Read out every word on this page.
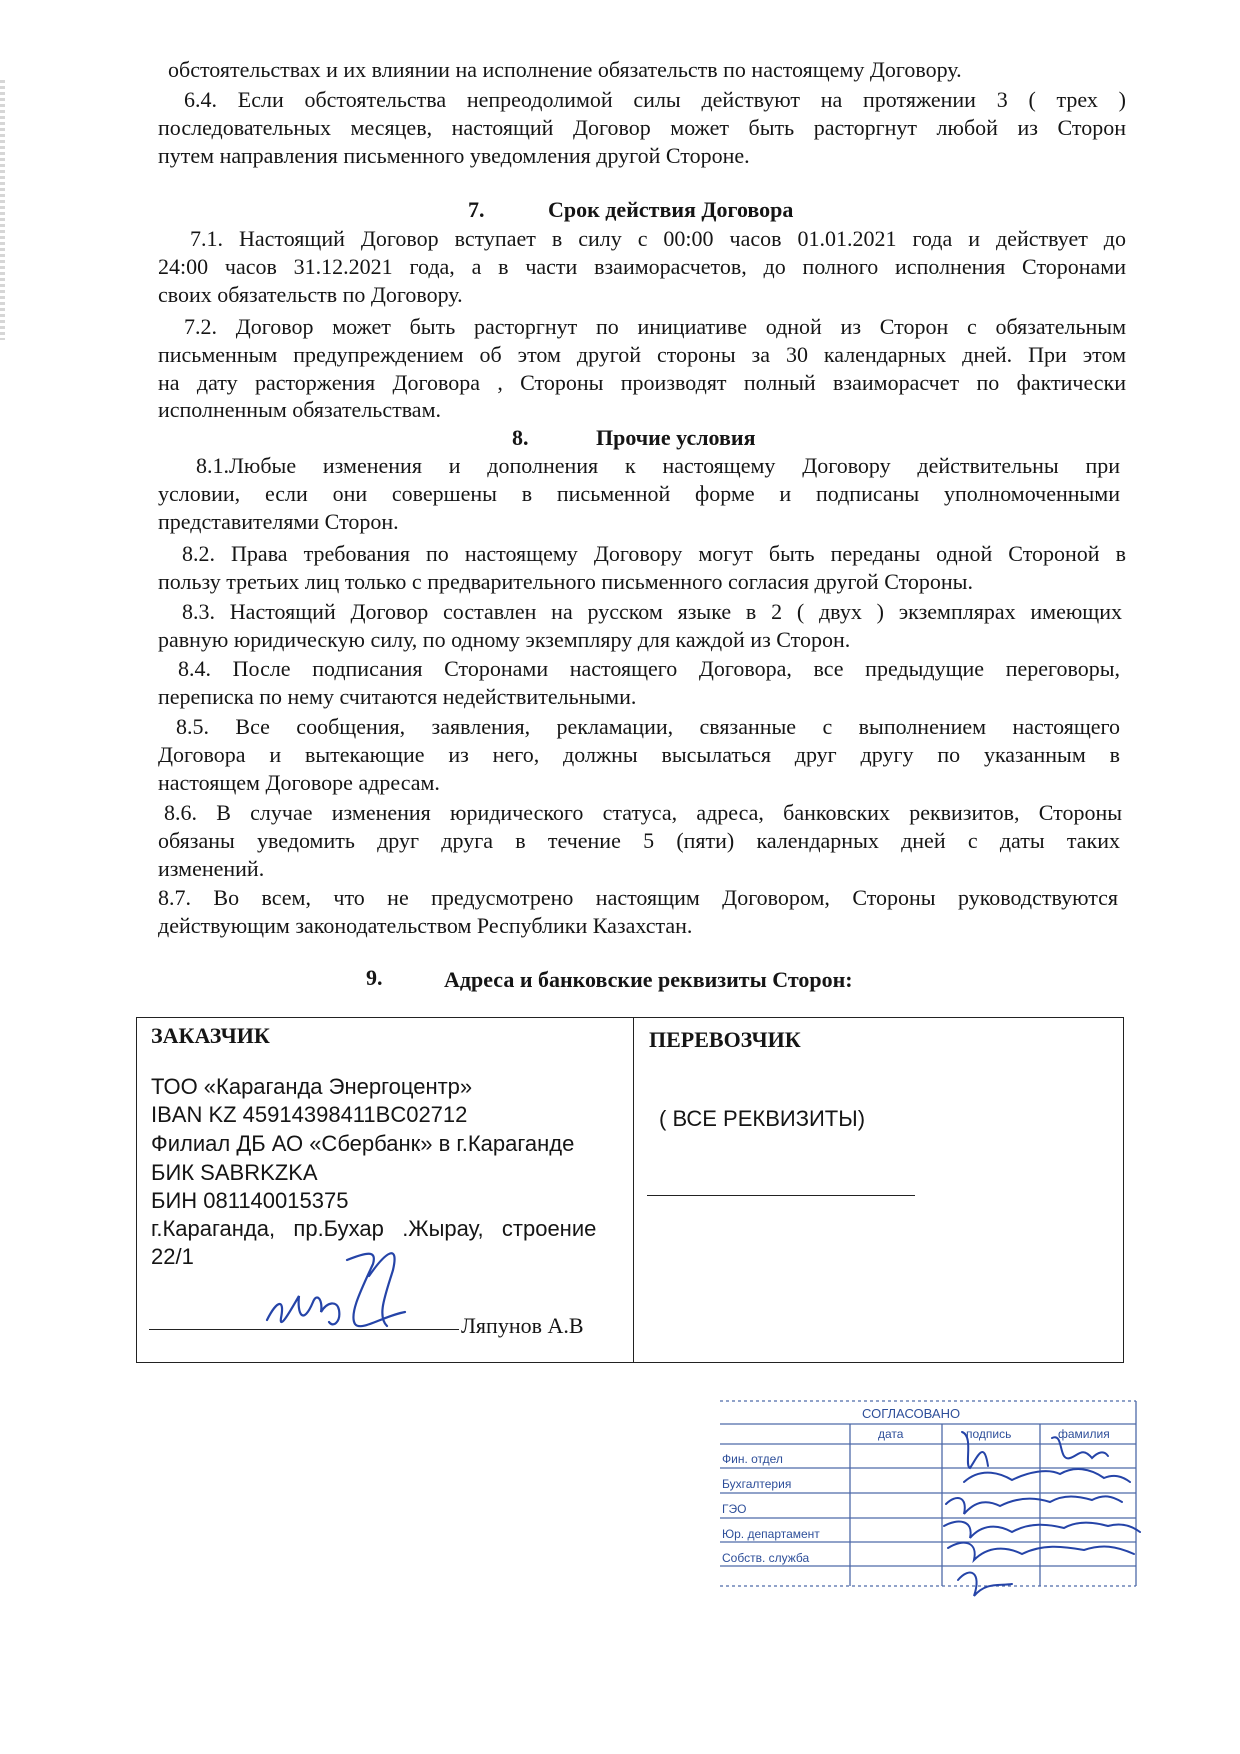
обстоятельствах и их влиянии на исполнение обязательств по настоящему Договору.
6.4. Если обстоятельства непреодолимой силы действуют на протяжении 3 ( трех )
последовательных месяцев, настоящий Договор может быть расторгнут любой из Сторон
путем направления письменного уведомления другой Стороне.
7.	Срок действия Договора
7.1. Настоящий Договор вступает в силу с 00:00 часов 01.01.2021 года и действует до
24:00 часов 31.12.2021 года, а в части взаиморасчетов, до полного исполнения Сторонами
своих обязательств по Договору.
7.2. Договор может быть расторгнут по инициативе одной из Сторон с обязательным
письменным предупреждением об этом другой стороны за 30 календарных дней. При этом
на дату расторжения Договора , Стороны производят полный взаиморасчет по фактически
исполненным обязательствам.
8.	Прочие условия
8.1.Любые изменения и дополнения к настоящему Договору действительны при
условии, если они совершены в письменной форме и подписаны уполномоченными
представителями Сторон.
8.2. Права требования по настоящему Договору могут быть переданы одной Стороной в
пользу третьих лиц только с предварительного письменного согласия другой Стороны.
8.3. Настоящий Договор составлен на русском языке в 2 ( двух ) экземплярах имеющих
равную юридическую силу, по одному экземпляру для каждой из Сторон.
8.4. После подписания Сторонами настоящего Договора, все предыдущие переговоры,
переписка по нему считаются недействительными.
8.5. Все сообщения, заявления, рекламации, связанные с выполнением настоящего
Договора и вытекающие из него, должны высылаться друг другу по указанным в
настоящем Договоре адресам.
8.6. В случае изменения юридического статуса, адреса, банковских реквизитов, Стороны
обязаны уведомить друг друга в течение 5 (пяти) календарных дней с даты таких
изменений.
8.7. Во всем, что не предусмотрено настоящим Договором, Стороны руководствуются
действующим законодательством Республики Казахстан.
9.	Адреса и банковские реквизиты Сторон:
ЗАКАЗЧИК
ТОО «Караганда Энергоцентр»
IBAN KZ 45914398411BC02712
Филиал ДБ АО «Сбербанк» в г.Караганде
БИК SABRKZKA
БИН 081140015375
г.Караганда,   пр.Бухар   .Жырау,   строение
22/1
Ляпунов А.В
ПЕРЕВОЗЧИК
( ВСЕ РЕКВИЗИТЫ)
СОГЛАСОВАНО
дата	подпись	фамилия
Фин. отдел
Бухгалтерия
ГЭО
Юр. департамент
Собств. служба
